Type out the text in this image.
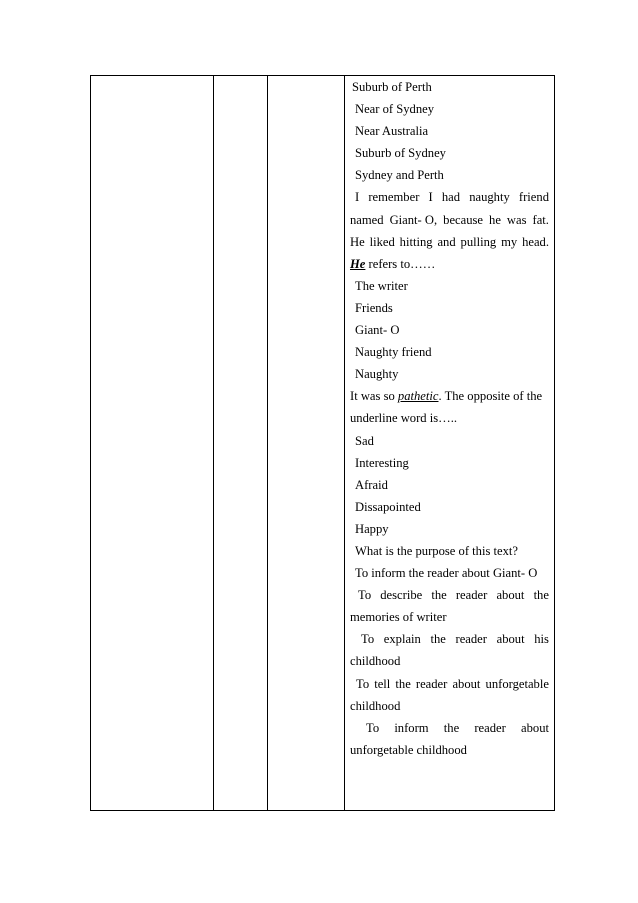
Suburb of Perth
Near of Sydney
Near Australia
Suburb of Sydney
Sydney and Perth
I remember I had naughty friend
named Giant- O, because he was fat.
He liked hitting and pulling my head.
He refers to……
The writer
Friends
Giant- O
Naughty friend
Naughty
It was so pathetic. The opposite of the
underline word is…..
Sad
Interesting
Afraid
Dissapointed
Happy
What is the purpose of this text?
To inform the reader about Giant- O
To describe the reader about the
memories of writer
To explain the reader about his
childhood
To tell the reader about unforgetable
childhood
To inform the reader about
unforgetable childhood
